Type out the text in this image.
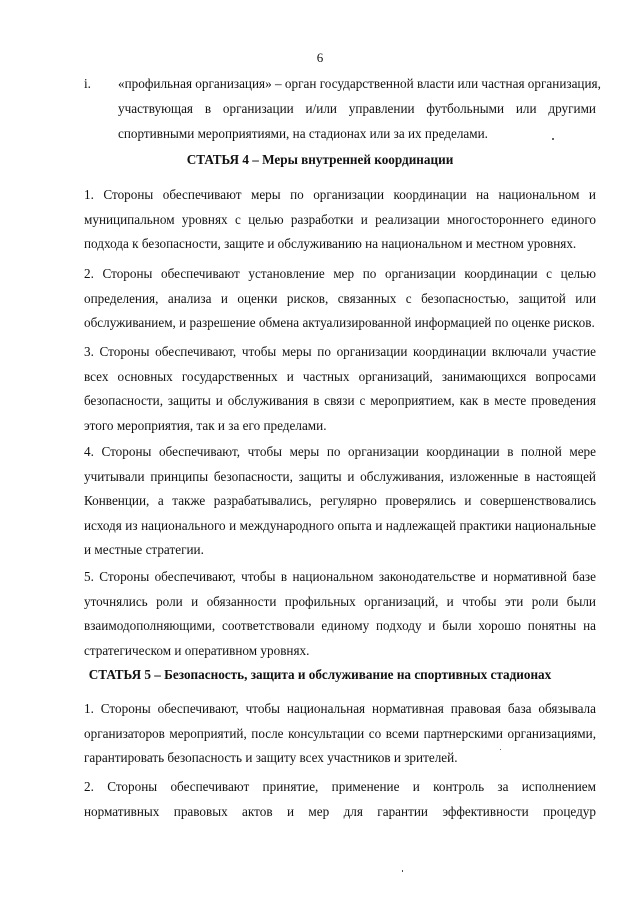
6
i. «профильная организация» – орган государственной власти или частная организация,
участвующая в организации и/или управлении футбольными или другими
спортивными мероприятиями, на стадионах или за их пределами.
СТАТЬЯ 4 – Меры внутренней координации
1. Стороны обеспечивают меры по организации координации на национальном и
муниципальном уровнях с целью разработки и реализации многостороннего единого
подхода к безопасности, защите и обслуживанию на национальном и местном уровнях.
2. Стороны обеспечивают установление мер по организации координации с целью
определения, анализа и оценки рисков, связанных с безопасностью, защитой или
обслуживанием, и разрешение обмена актуализированной информацией по оценке рисков.
3. Стороны обеспечивают, чтобы меры по организации координации включали участие
всех основных государственных и частных организаций, занимающихся вопросами
безопасности, защиты и обслуживания в связи с мероприятием, как в месте проведения
этого мероприятия, так и за его пределами.
4. Стороны обеспечивают, чтобы меры по организации координации в полной мере
учитывали принципы безопасности, защиты и обслуживания, изложенные в настоящей
Конвенции, а также разрабатывались, регулярно проверялись и совершенствовались
исходя из национального и международного опыта и надлежащей практики национальные
и местные стратегии.
5. Стороны обеспечивают, чтобы в национальном законодательстве и нормативной базе
уточнялись роли и обязанности профильных организаций, и чтобы эти роли были
взаимодополняющими, соответствовали единому подходу и были хорошо понятны на
стратегическом и оперативном уровнях.
СТАТЬЯ 5 – Безопасность, защита и обслуживание на спортивных стадионах
1. Стороны обеспечивают, чтобы национальная нормативная правовая база обязывала
организаторов мероприятий, после консультации со всеми партнерскими организациями,
гарантировать безопасность и защиту всех участников и зрителей.
2. Стороны обеспечивают принятие, применение и контроль за исполнением
нормативных правовых актов и мер для гарантии эффективности процедур
